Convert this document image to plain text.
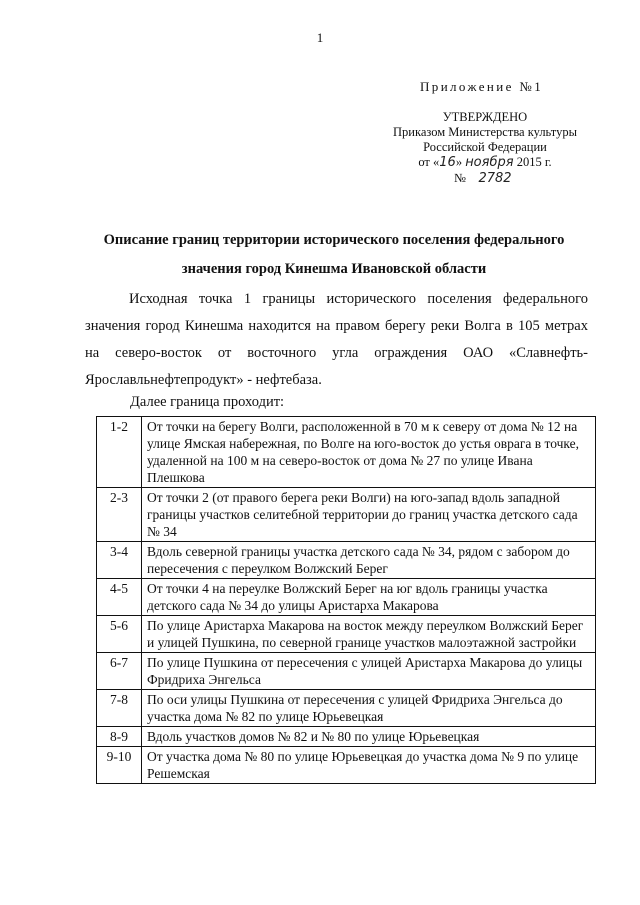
1
Приложение №1
УТВЕРЖДЕНО
Приказом Министерства культуры
Российской Федерации
от «16» ноября 2015 г.
№ 2782
Описание границ территории исторического поселения федерального
значения город Кинешма Ивановской области

Исходная точка 1 границы исторического поселения федерального значения город Кинешма находится на правом берегу реки Волга в 105 метрах на северо-восток от восточного угла ограждения ОАО «Славнефть-Ярославльнефтепродукт» - нефтебаза.

Далее граница проходит:
1-2	От точки на берегу Волги, расположенной в 70 м к северу от дома № 12 на улице Ямская набережная, по Волге на юго-восток до устья оврага в точке, удаленной на 100 м на северо-восток от дома № 27 по улице Ивана Плешкова
2-3	От точки 2 (от правого берега реки Волги) на юго-запад вдоль западной границы участков селитебной территории до границ участка детского сада № 34
3-4	Вдоль северной границы участка детского сада № 34, рядом с забором до пересечения с переулком Волжский Берег
4-5	От точки 4 на переулке Волжский Берег на юг вдоль границы участка детского сада № 34 до улицы Аристарха Макарова
5-6	По улице Аристарха Макарова на восток между переулком Волжский Берег и улицей Пушкина, по северной границе участков малоэтажной застройки
6-7	По улице Пушкина от пересечения с улицей Аристарха Макарова до улицы Фридриха Энгельса
7-8	По оси улицы Пушкина от пересечения с улицей Фридриха Энгельса до участка дома № 82 по улице Юрьевецкая
8-9	Вдоль участков домов № 82 и № 80 по улице Юрьевецкая
9-10	От участка дома № 80 по улице Юрьевецкая до участка дома № 9 по улице Решемская
